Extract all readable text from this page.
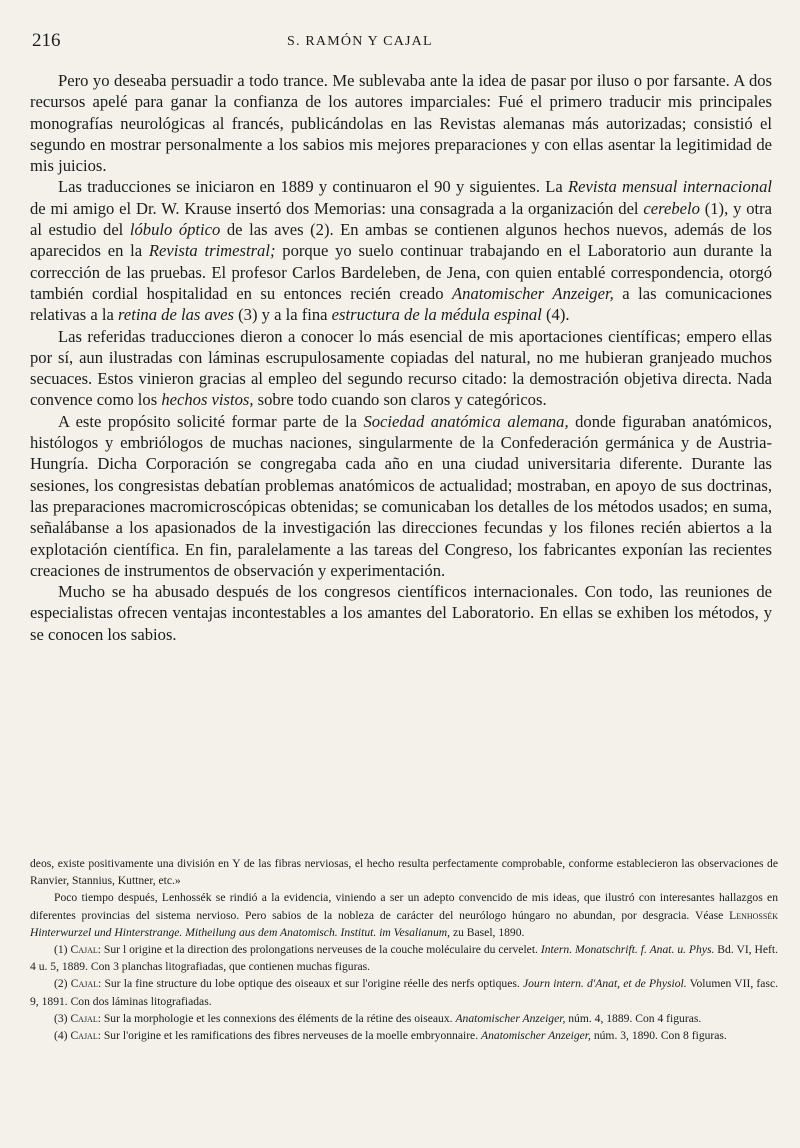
216	S. RAMÓN Y CAJAL

Pero yo deseaba persuadir a todo trance. Me sublevaba ante la idea de pasar por iluso o por farsante. A dos recursos apelé para ganar la confianza de los autores imparciales: Fué el primero traducir mis principales monografías neurológicas al francés, publicándolas en las Revistas alemanas más autorizadas; consistió el segundo en mostrar personalmente a los sabios mis mejores preparaciones y con ellas asentar la legitimidad de mis juicios.

Las traducciones se iniciaron en 1889 y continuaron el 90 y siguientes. La Revista mensual internacional de mi amigo el Dr. W. Krause insertó dos Memorias: una consagrada a la organización del cerebelo (1), y otra al estudio del lóbulo óptico de las aves (2). En ambas se contienen algunos hechos nuevos, además de los aparecidos en la Revista trimestral; porque yo suelo continuar trabajando en el Laboratorio aun durante la corrección de las pruebas. El profesor Carlos Bardeleben, de Jena, con quien entablé correspondencia, otorgó también cordial hospitalidad en su entonces recién creado Anatomischer Anzeiger, a las comunicaciones relativas a la retina de las aves (3) y a la fina estructura de la médula espinal (4).

Las referidas traducciones dieron a conocer lo más esencial de mis aportaciones científicas; empero ellas por sí, aun ilustradas con láminas escrupulosamente copiadas del natural, no me hubieran granjeado muchos secuaces. Estos vinieron gracias al empleo del segundo recurso citado: la demostración objetiva directa. Nada convence como los hechos vistos, sobre todo cuando son claros y categóricos.

A este propósito solicité formar parte de la Sociedad anatómica alemana, donde figuraban anatómicos, histólogos y embriólogos de muchas naciones, singularmente de la Confederación germánica y de Austria-Hungría. Dicha Corporación se congregaba cada año en una ciudad universitaria diferente. Durante las sesiones, los congresistas debatían problemas anatómicos de actualidad; mostraban, en apoyo de sus doctrinas, las preparaciones macromicroscópicas obtenidas; se comunicaban los detalles de los métodos usados; en suma, señalábanse a los apasionados de la investigación las direcciones fecundas y los filones recién abiertos a la explotación científica. En fin, paralelamente a las tareas del Congreso, los fabricantes exponían las recientes creaciones de instrumentos de observación y experimentación.

Mucho se ha abusado después de los congresos científicos internacionales. Con todo, las reuniones de especialistas ofrecen ventajas incontestables a los amantes del Laboratorio. En ellas se exhiben los métodos, y se conocen los sabios.

deos, existe positivamente una división en Y de las fibras nerviosas, el hecho resulta perfectamente comprobable, conforme establecieron las observaciones de Ranvier, Stannius, Kuttner, etc.»

Poco tiempo después, Lenhossék se rindió a la evidencia, viniendo a ser un adepto convencido de mis ideas, que ilustró con interesantes hallazgos en diferentes provincias del sistema nervioso. Pero sabios de la nobleza de carácter del neurólogo húngaro no abundan, por desgracia. Véase Lenhossék Hinterwurzel und Hinterstrange. Mitheilung aus dem Anatomisch. Institut. im Vesalianum, zu Basel, 1890.

(1) Cajal: Sur l origine et la direction des prolongations nerveuses de la couche moléculaire du cervelet. Intern. Monatschrift. f. Anat. u. Phys. Bd. VI, Heft. 4 u. 5, 1889. Con 3 planchas litografiadas, que contienen muchas figuras.

(2) Cajal: Sur la fine structure du lobe optique des oiseaux et sur l'origine réelle des nerfs optiques. Journ intern. d'Anat, et de Physiol. Volumen VII, fasc. 9, 1891. Con dos láminas litografiadas.

(3) Cajal: Sur la morphologie et les connexions des éléments de la rétine des oiseaux. Anatomischer Anzeiger, núm. 4, 1889. Con 4 figuras.

(4) Cajal: Sur l'origine et les ramifications des fibres nerveuses de la moelle embryonnaire. Anatomischer Anzeiger, núm. 3, 1890. Con 8 figuras.
